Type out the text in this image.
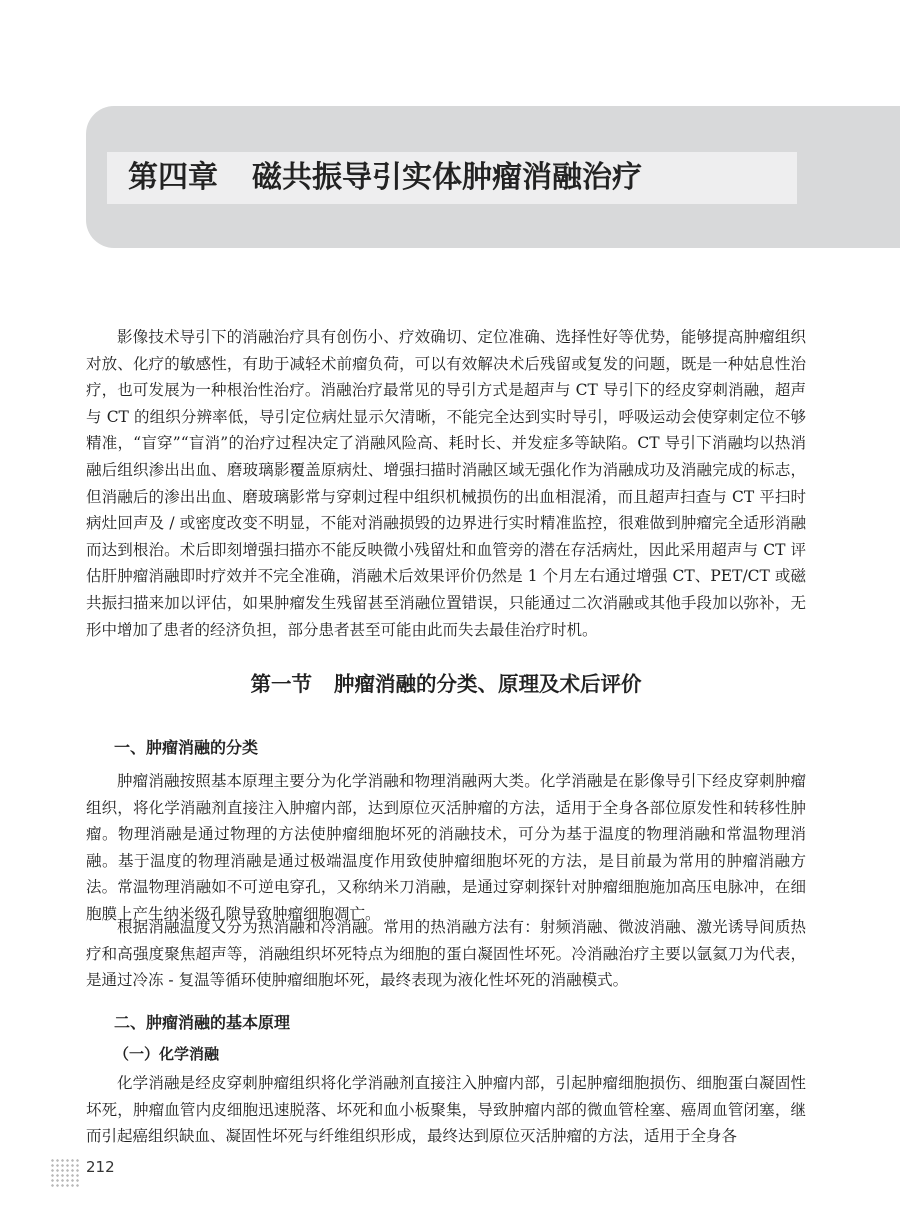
第四章 磁共振导引实体肿瘤消融治疗

影像技术导引下的消融治疗具有创伤小、疗效确切、定位准确、选择性好等优势，能够提高肿瘤组织对放、化疗的敏感性，有助于减轻术前瘤负荷，可以有效解决术后残留或复发的问题，既是一种姑息性治疗，也可发展为一种根治性治疗。消融治疗最常见的导引方式是超声与 CT 导引下的经皮穿刺消融，超声与 CT 的组织分辨率低，导引定位病灶显示欠清晰，不能完全达到实时导引，呼吸运动会使穿刺定位不够精准，“盲穿”“盲消”的治疗过程决定了消融风险高、耗时长、并发症多等缺陷。CT 导引下消融均以热消融后组织渗出出血、磨玻璃影覆盖原病灶、增强扫描时消融区域无强化作为消融成功及消融完成的标志，但消融后的渗出出血、磨玻璃影常与穿刺过程中组织机械损伤的出血相混淆，而且超声扫查与 CT 平扫时病灶回声及 / 或密度改变不明显，不能对消融损毁的边界进行实时精准监控，很难做到肿瘤完全适形消融而达到根治。术后即刻增强扫描亦不能反映微小残留灶和血管旁的潜在存活病灶，因此采用超声与 CT 评估肝肿瘤消融即时疗效并不完全准确，消融术后效果评价仍然是 1 个月左右通过增强 CT、PET/CT 或磁共振扫描来加以评估，如果肿瘤发生残留甚至消融位置错误，只能通过二次消融或其他手段加以弥补，无形中增加了患者的经济负担，部分患者甚至可能由此而失去最佳治疗时机。

第一节 肿瘤消融的分类、原理及术后评价
一、肿瘤消融的分类

肿瘤消融按照基本原理主要分为化学消融和物理消融两大类。化学消融是在影像导引下经皮穿刺肿瘤组织，将化学消融剂直接注入肿瘤内部，达到原位灭活肿瘤的方法，适用于全身各部位原发性和转移性肿瘤。物理消融是通过物理的方法使肿瘤细胞坏死的消融技术，可分为基于温度的物理消融和常温物理消融。基于温度的物理消融是通过极端温度作用致使肿瘤细胞坏死的方法，是目前最为常用的肿瘤消融方法。常温物理消融如不可逆电穿孔，又称纳米刀消融，是通过穿刺探针对肿瘤细胞施加高压电脉冲，在细胞膜上产生纳米级孔隙导致肿瘤细胞凋亡。

根据消融温度又分为热消融和冷消融。常用的热消融方法有：射频消融、微波消融、激光诱导间质热疗和高强度聚焦超声等，消融组织坏死特点为细胞的蛋白凝固性坏死。冷消融治疗主要以氩氦刀为代表，是通过冷冻 - 复温等循环使肿瘤细胞坏死，最终表现为液化性坏死的消融模式。

二、肿瘤消融的基本原理
（一）化学消融

化学消融是经皮穿刺肿瘤组织将化学消融剂直接注入肿瘤内部，引起肿瘤细胞损伤、细胞蛋白凝固性坏死，肿瘤血管内皮细胞迅速脱落、坏死和血小板聚集，导致肿瘤内部的微血管栓塞、癌周血管闭塞，继而引起癌组织缺血、凝固性坏死与纤维组织形成，最终达到原位灭活肿瘤的方法，适用于全身各

212
